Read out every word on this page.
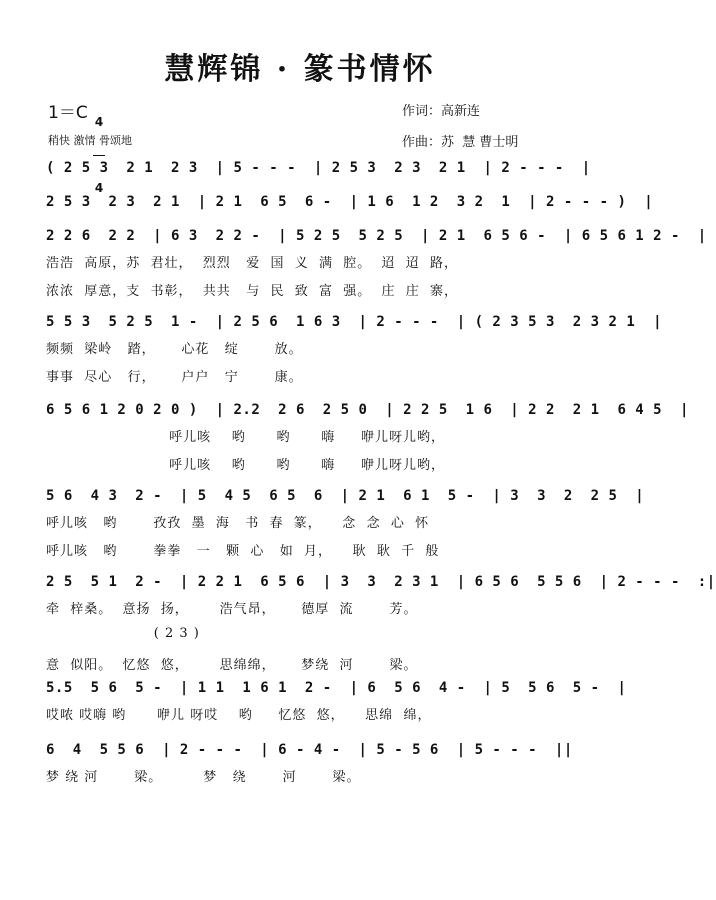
慧辉锦 · 篆书情怀
1＝C

4

4

稍快 激情 骨颂地
作词：高新连
作曲：苏  慧 曹士明
( 2 5 3  2 1  2 3  | 5 - - -  | 2 5 3  2 3  2 1  | 2 - - -  |
2 5 3  2 3  2 1  | 2 1  6 5  6 -  | 1 6  1 2  3 2  1  | 2 - - - )  |
2 2 6  2 2  | 6 3  2 2 -  | 5 2 5  5 2 5  | 2 1  6 5 6 -  | 6 5 6 1 2 -  |
浩浩  高原，苏  君壮，  烈烈   爱  国  义  满  腔。  迢  迢  路，
浓浓  厚意，支  书彰，  共共   与  民  致  富  强。  庄  庄  寨，
5 5 3  5 2 5  1 -  | 2 5 6  1 6 3  | 2 - - -  | ( 2 3 5 3  2 3 2 1  |
频频  梁岭   踏，     心花   绽       放。
事事  尽心   行，     户户   宁       康。
6 5 6 1 2 0 2 0 )  | 2.2  2 6  2 5 0  | 2 2 5  1 6  | 2 2  2 1  6 4 5  |
呼儿咳    哟      哟      嗨     咿儿呀儿哟，
呼儿咳    哟      哟      嗨     咿儿呀儿哟，
5 6  4 3  2 -  | 5  4 5  6 5  6  | 2 1  6 1  5 -  | 3  3  2  2 5  |
呼儿咳   哟       孜孜  墨  海   书  春  篆，    念  念  心  怀
呼儿咳   哟       拳拳   一   颗  心   如  月，    耿  耿  千  般
2 5  5 1  2 -  | 2 2 1  6 5 6  | 3  3  2 3 1  | 6 5 6  5 5 6  | 2 - - -  :|
牵  梓桑。  意扬  扬，      浩气昂，     德厚  流       芳。
( 2 3 )
意  似阳。  忆悠  悠，      思绵绵，     梦绕  河       梁。
5.5  5 6  5 -  | 1 1  1 6 1  2 -  | 6  5 6  4 -  | 5  5 6  5 -  |
哎哝 哎嗨 哟      咿儿 呀哎    哟     忆悠  悠，    思绵  绵，
6  4  5 5 6  | 2 - - -  | 6 - 4 -  | 5 - 5 6  | 5 - - -  ||
梦 绕 河       梁。        梦   绕       河       梁。
